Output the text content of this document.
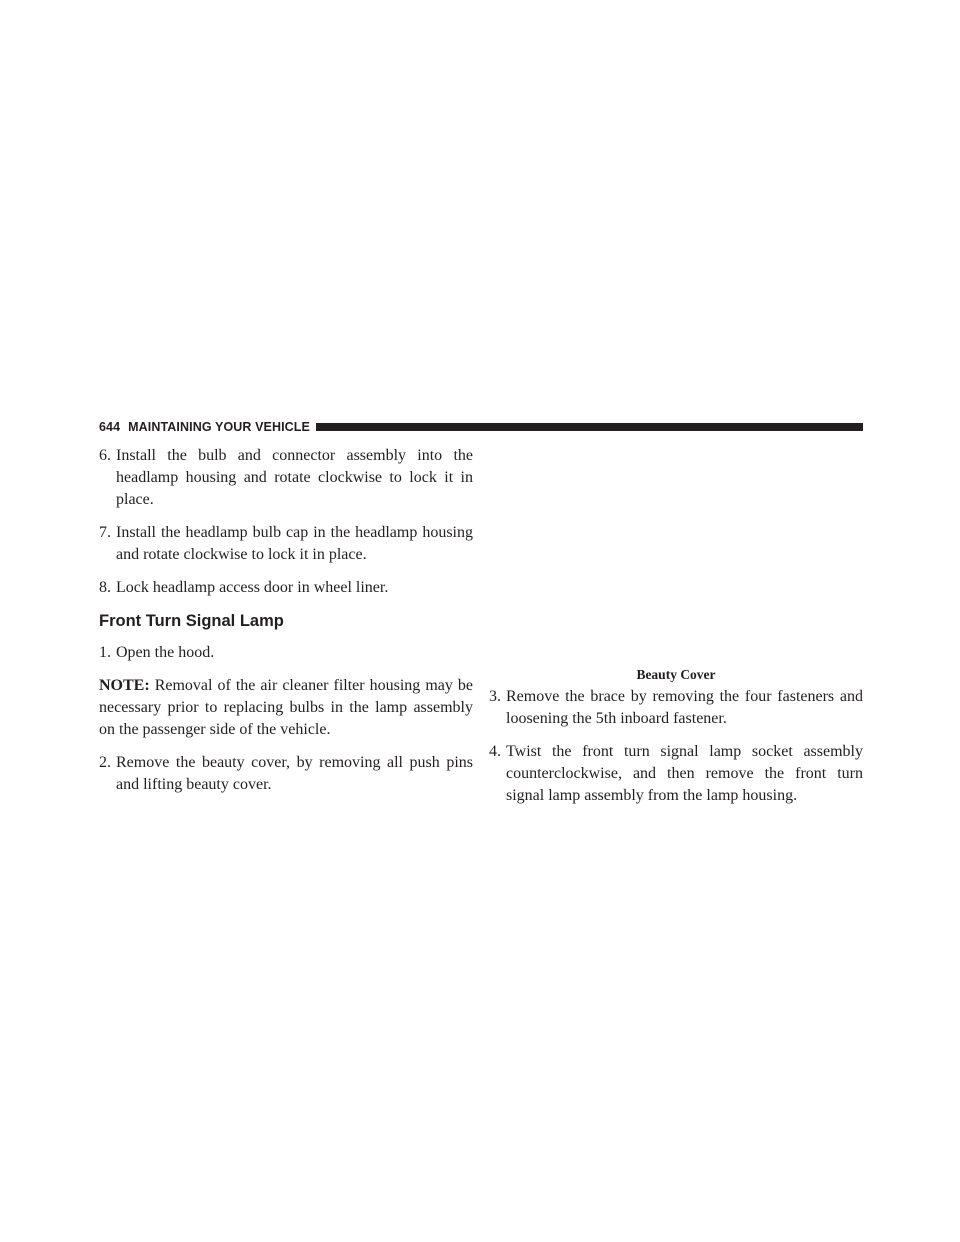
644 MAINTAINING YOUR VEHICLE
6. Install the bulb and connector assembly into the headlamp housing and rotate clockwise to lock it in place.
7. Install the headlamp bulb cap in the headlamp housing and rotate clockwise to lock it in place.
8. Lock headlamp access door in wheel liner.
Front Turn Signal Lamp
1. Open the hood.

NOTE: Removal of the air cleaner filter housing may be necessary prior to replacing bulbs in the lamp assembly on the passenger side of the vehicle.

2. Remove the beauty cover, by removing all push pins and lifting beauty cover.
Beauty Cover
3. Remove the brace by removing the four fasteners and loosening the 5th inboard fastener.
4. Twist the front turn signal lamp socket assembly counterclockwise, and then remove the front turn signal lamp assembly from the lamp housing.
